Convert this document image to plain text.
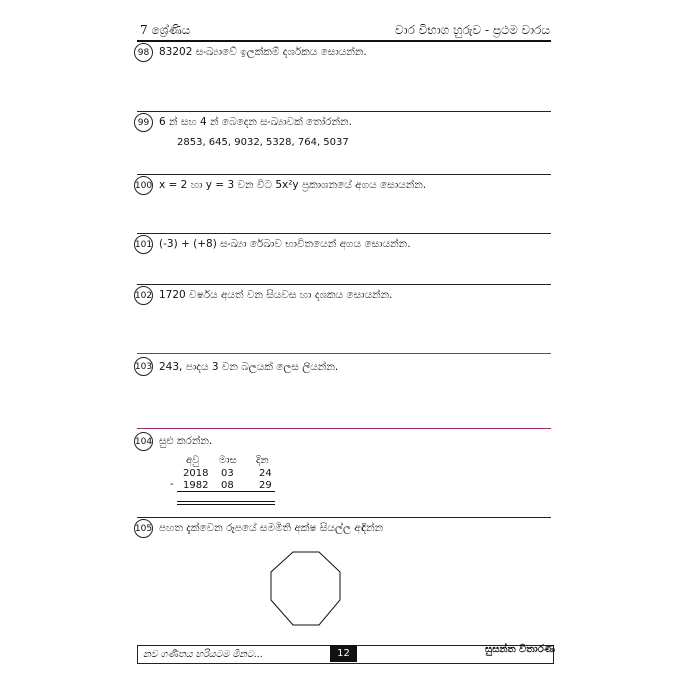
7 ශ්‍රේණිය	වාර විභාග හුරුව - ප්‍රථම වාරය
98 83202 සංඛ්‍යාවේ ඉලක්කම් දර්ශකය සොයන්න.
99 6 න් සහ 4 න් බෙදෙන සංඛ්‍යාවක් තෝරන්න.
2853, 645, 9032, 5328, 764, 5037
100 x = 2 හා y = 3 වන විට 5x²y ප්‍රකාශනයේ අගය සොයන්න.
101 (-3) + (+8) සංඛ්‍යා රේඛාව භාවිතයෙන් අගය සොයන්න.
102 1720 වර්ෂය අයත් වන සියවස හා දශකය සොයන්න.
103 243, පාදය 3 වන බලයක් ලෙස ලියන්න.
104 සුළු කරන්න.
අවු මාස දින
2018 03	24
- 1982 08	29
105 පහත දැක්වෙන රූපයේ සමමිති අක්ෂ සියල්ල අඳින්න
නව ගණිතය හරියටම මීනට...	12	සුසන්ත විතාරණ
